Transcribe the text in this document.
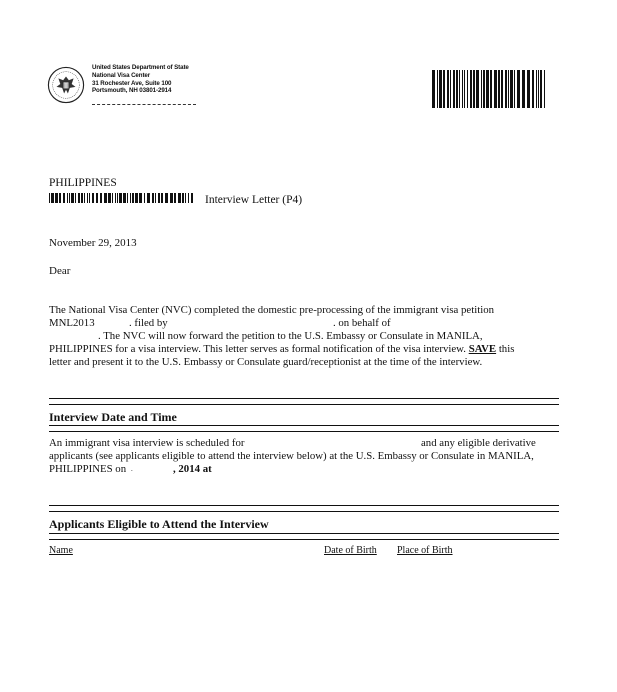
United States Department of State
National Visa Center
31 Rochester Ave, Suite 100
Portsmouth, NH 03801-2914
PHILIPPINES
Interview Letter (P4)
November 29, 2013
Dear
The National Visa Center (NVC) completed the domestic pre-processing of the immigrant visa petition
MNL2013	. filed by	. on behalf of
. The NVC will now forward the petition to the U.S. Embassy or Consulate in MANILA,
PHILIPPINES for a visa interview. This letter serves as formal notification of the visa interview. SAVE this
letter and present it to the U.S. Embassy or Consulate guard/receptionist at the time of the interview.
Interview Date and Time
An immigrant visa interview is scheduled for	and any eligible derivative
applicants (see applicants eligible to attend the interview below) at the U.S. Embassy or Consulate in MANILA,
PHILIPPINES on .	, 2014 at
Applicants Eligible to Attend the Interview
Name	Date of Birth Place of Birth
